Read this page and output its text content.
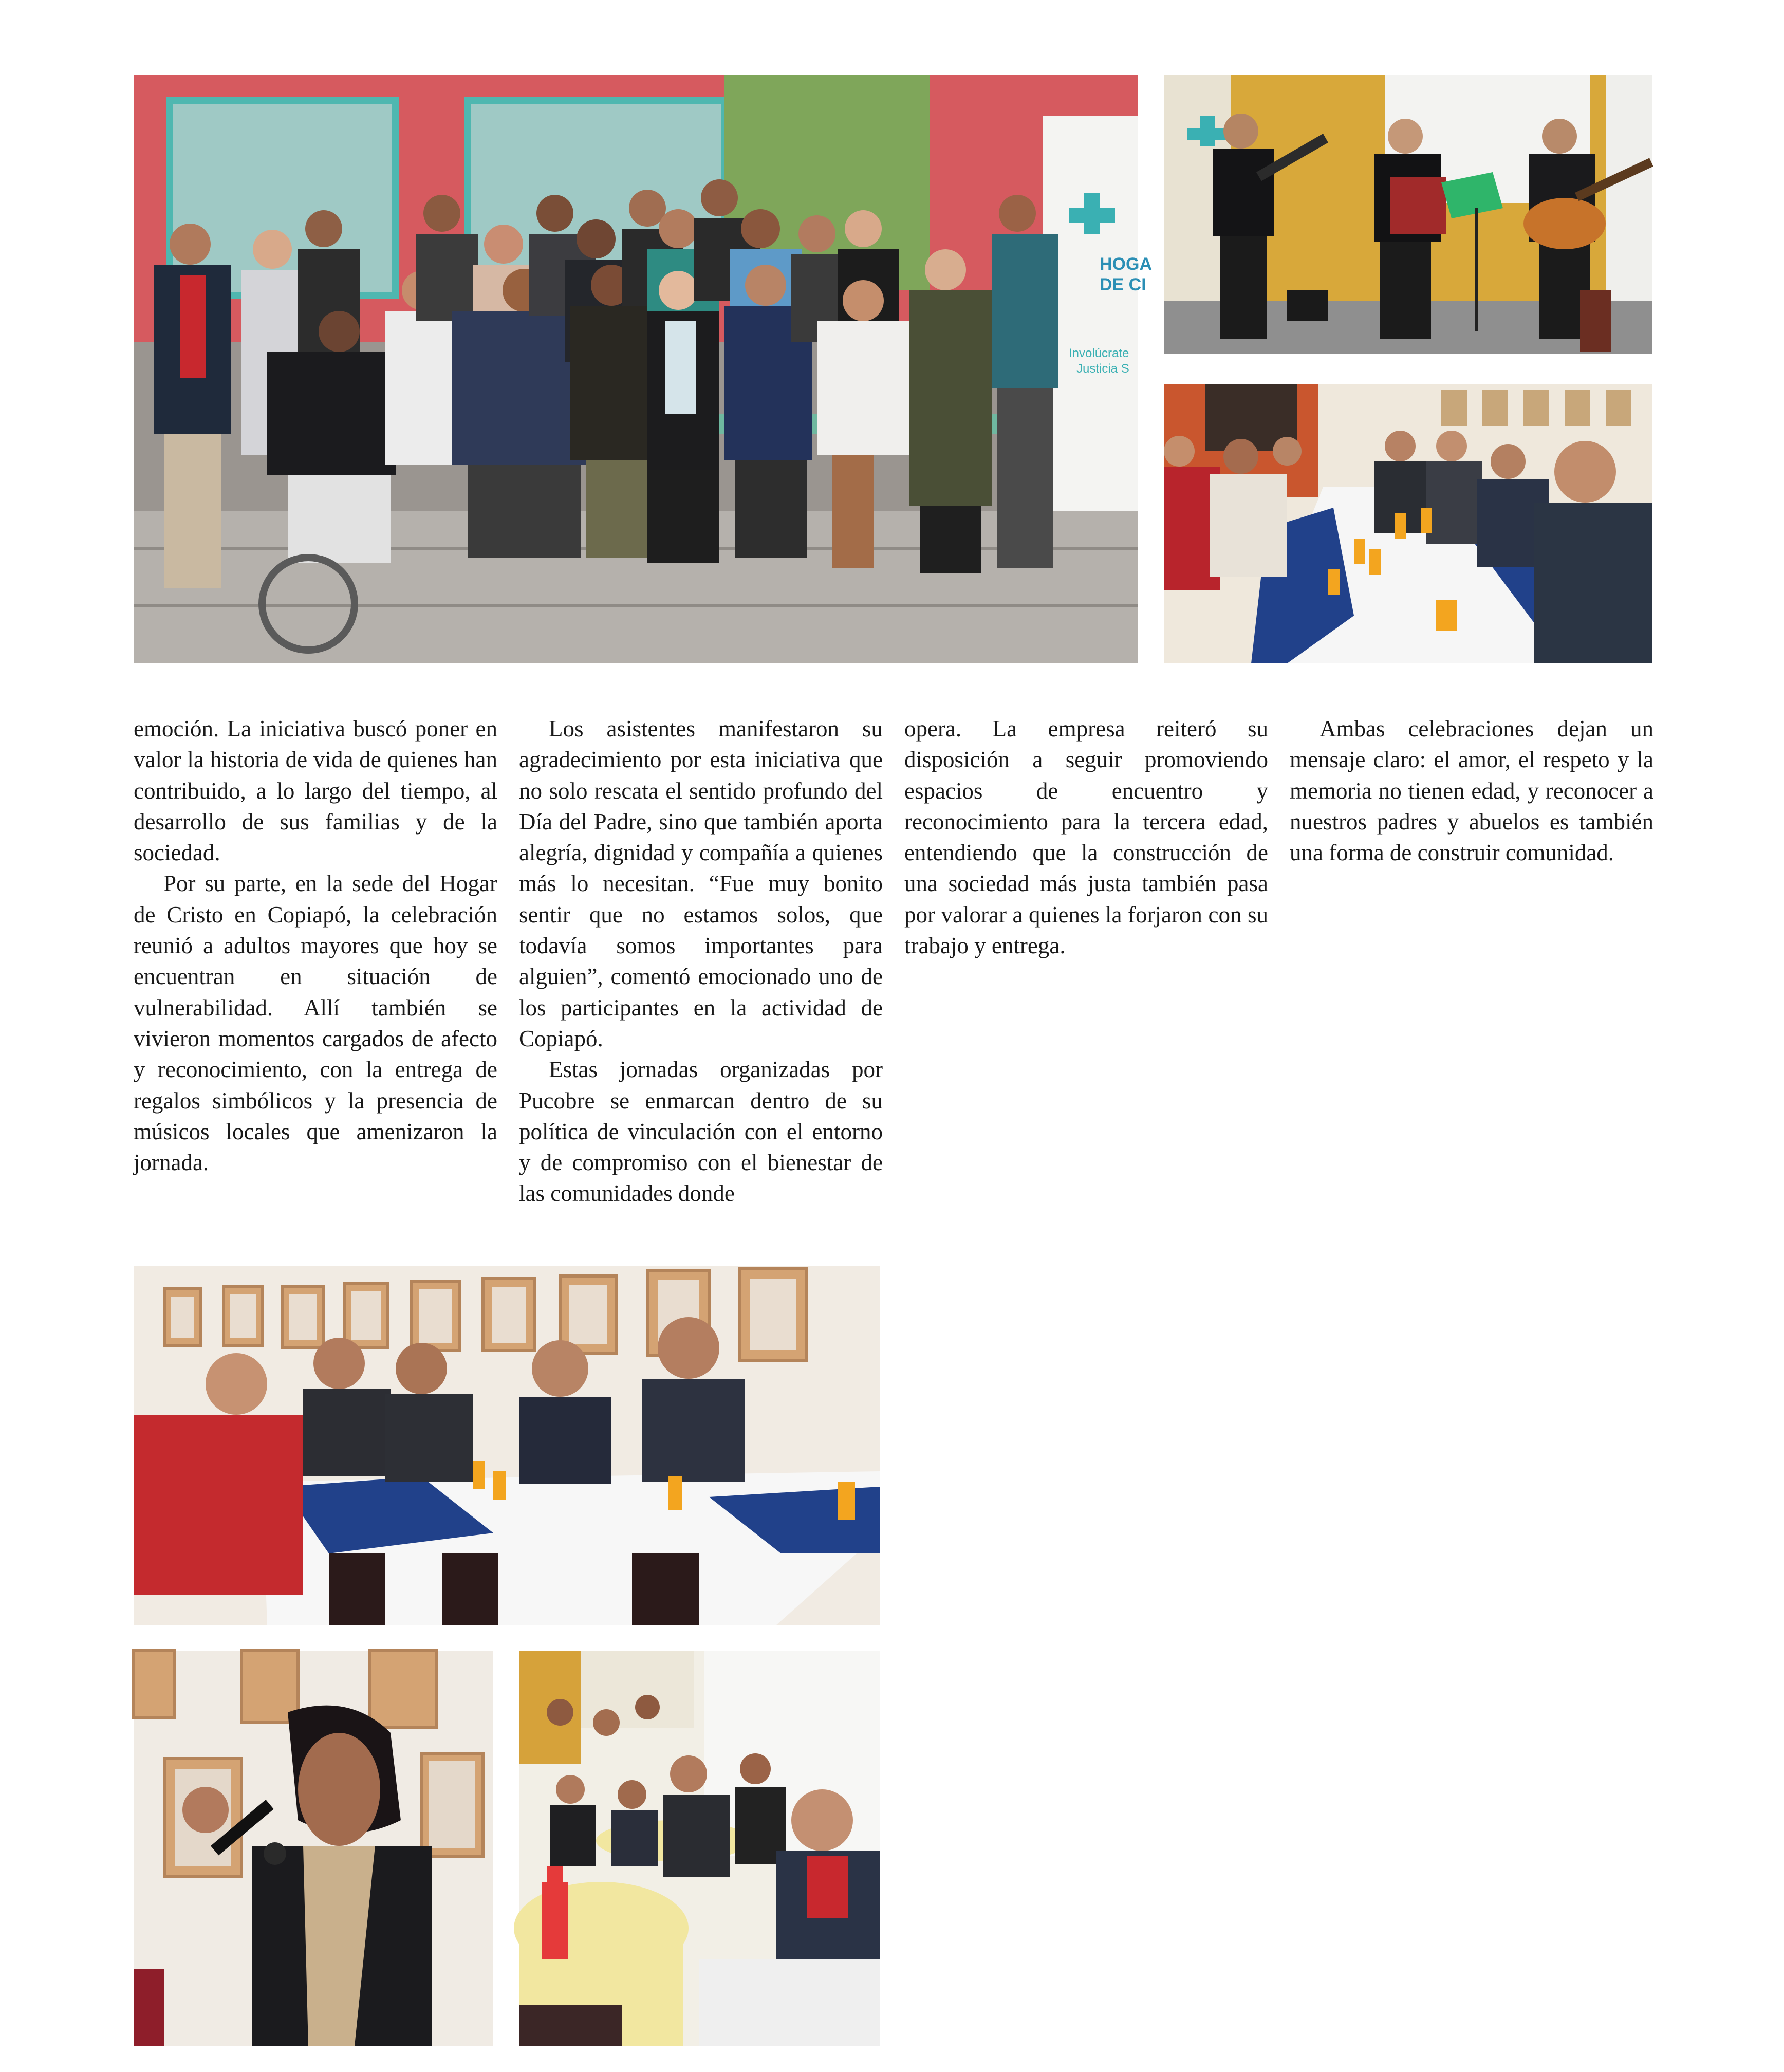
HOGA
DE CI
Involúcrate
Justicia S

emoción. La iniciativa buscó poner en valor la historia de vida de quienes han contribuido, a lo largo del tiempo, al desarrollo de sus familias y de la sociedad.

Por su parte, en la sede del Hogar de Cristo en Copiapó, la celebración reunió a adultos mayores que hoy se encuentran en situación de vulnerabilidad. Allí también se vivieron momentos cargados de afecto y reconocimiento, con la entrega de regalos simbólicos y la presencia de músicos locales que amenizaron la jornada.

Los asistentes manifestaron su agradecimiento por esta iniciativa que no solo rescata el sentido profundo del Día del Padre, sino que también aporta alegría, dignidad y compañía a quienes más lo necesitan. “Fue muy bonito sentir que no estamos solos, que todavía somos importantes para alguien”, comentó emocionado uno de los participantes en la actividad de Copiapó.

Estas jornadas organizadas por Pucobre se enmarcan dentro de su política de vinculación con el entorno y de compromiso con el bienestar de las comunidades donde

opera. La empresa reiteró su disposición a seguir promoviendo espacios de encuentro y reconocimiento para la tercera edad, entendiendo que la construcción de una sociedad más justa también pasa por valorar a quienes la forjaron con su trabajo y entrega.

Ambas celebraciones dejan un mensaje claro: el amor, el respeto y la memoria no tienen edad, y reconocer a nuestros padres y abuelos es también una forma de construir comunidad.
